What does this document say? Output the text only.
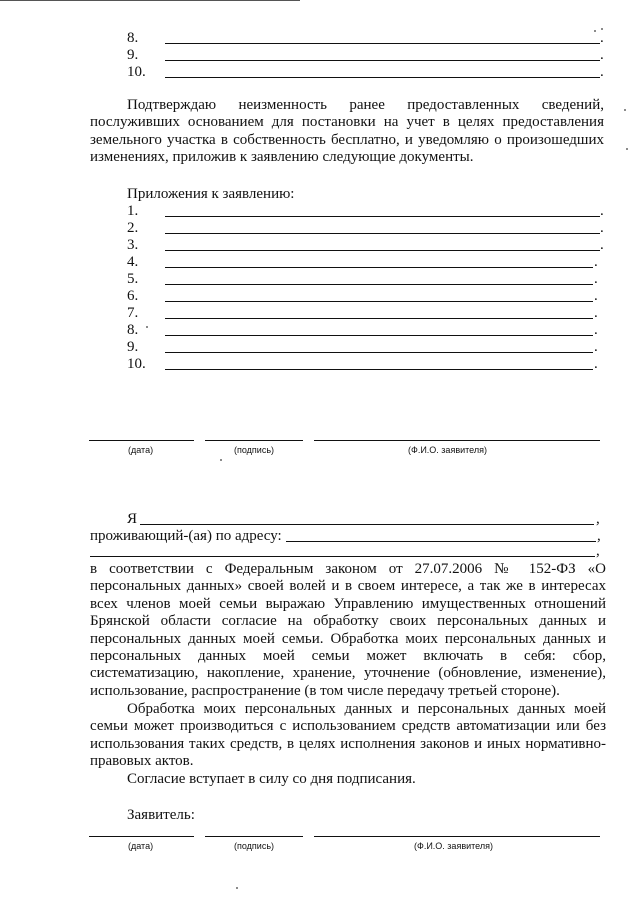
8.	.
9.	.
10.	.
Подтверждаю неизменность ранее предоставленных сведений, послуживших основанием для постановки на учет в целях предоставления земельного участка в собственность бесплатно, и уведомляю о произошедших изменениях, приложив к заявлению следующие документы.
Приложения к заявлению:
1.	.
2.	.
3.	.
4.	.
5.	.
6.	.
7.	.
8.	.
9.	.
10.	.
(дата)	(подпись)	(Ф.И.О. заявителя)
Я	,
проживающий-(ая) по адресу:	,
,
в соответствии с Федеральным законом от 27.07.2006 № 152-ФЗ «О персональных данных» своей волей и в своем интересе, а так же в интересах всех членов моей семьи выражаю Управлению имущественных отношений Брянской области согласие на обработку своих персональных данных и персональных данных моей семьи. Обработка моих персональных данных и персональных данных моей семьи может включать в себя: сбор, систематизацию, накопление, хранение, уточнение (обновление, изменение), использование, распространение (в том числе передачу третьей стороне).
Обработка моих персональных данных и персональных данных моей семьи может производиться с использованием средств автоматизации или без использования таких средств, в целях исполнения законов и иных нормативно-правовых актов.
Согласие вступает в силу со дня подписания.
Заявитель:
(дата)	(подпись)	(Ф.И.О. заявителя)
